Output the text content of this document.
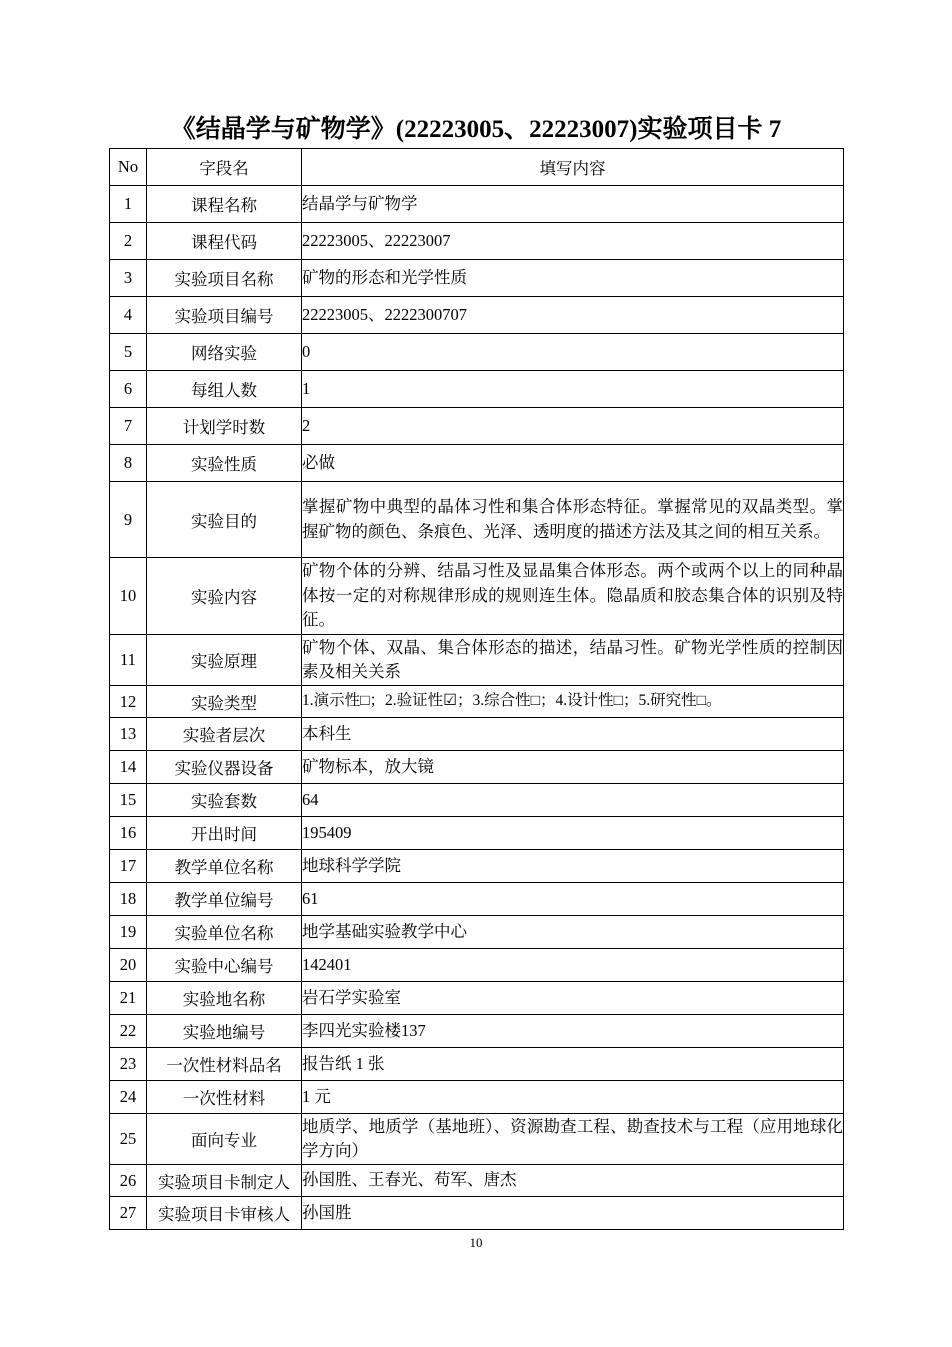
《结晶学与矿物学》(22223005、22223007)实验项目卡 7
No	字段名	填写内容
1	课程名称	结晶学与矿物学
2	课程代码	22223005、22223007
3	实验项目名称	矿物的形态和光学性质
4	实验项目编号	22223005、2222300707
5	网络实验	0
6	每组人数	1
7	计划学时数	2
8	实验性质	必做
9	实验目的	掌握矿物中典型的晶体习性和集合体形态特征。掌握常见的双晶类型。掌握矿物的颜色、条痕色、光泽、透明度的描述方法及其之间的相互关系。
10	实验内容	矿物个体的分辨、结晶习性及显晶集合体形态。两个或两个以上的同种晶体按一定的对称规律形成的规则连生体。隐晶质和胶态集合体的识别及特征。
11	实验原理	矿物个体、双晶、集合体形态的描述，结晶习性。矿物光学性质的控制因素及相关关系
12	实验类型	1.演示性□；2.验证性☑；3.综合性□；4.设计性□；5.研究性□。
13	实验者层次	本科生
14	实验仪器设备	矿物标本，放大镜
15	实验套数	64
16	开出时间	195409
17	教学单位名称	地球科学学院
18	教学单位编号	61
19	实验单位名称	地学基础实验教学中心
20	实验中心编号	142401
21	实验地名称	岩石学实验室
22	实验地编号	李四光实验楼137
23	一次性材料品名	报告纸 1 张
24	一次性材料	1 元
25	面向专业	地质学、地质学（基地班）、资源勘查工程、勘查技术与工程（应用地球化学方向）
26	实验项目卡制定人	孙国胜、王春光、苟军、唐杰
27	实验项目卡审核人	孙国胜
10
